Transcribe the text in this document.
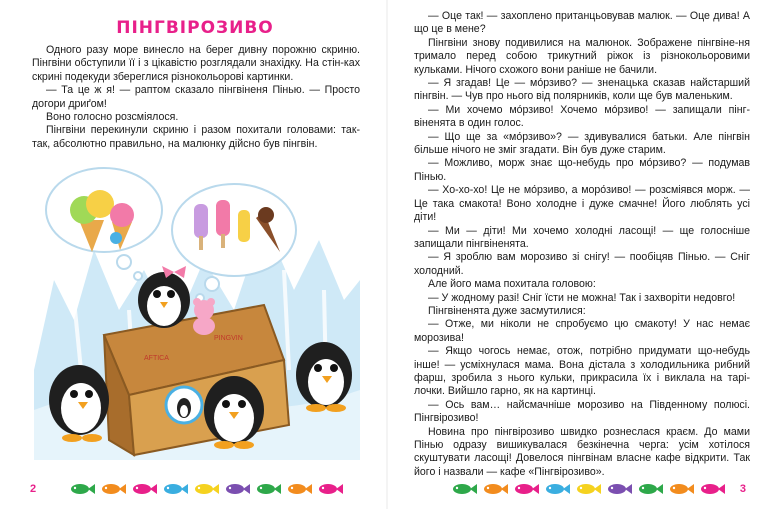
ПІНГВІРОЗИВО

Одного разу море винесло на берег дивну порожню скриню. Пінгвіни обступили її і з цікавістю розглядали знахідку. На стін-ках скрині подекуди збереглися різнокольорові картинки.

— Та це ж я! — раптом сказало пінгвіненя Пінью. — Просто догори дриґом!

Воно голосно розсміялося.

Пінгвіни перекинули скриню і разом похитали головами: так-так, абсолютно правильно, на малюнку дійсно був пінгвін.

PINGVIN
AFTICA
2

— Оце так! — захоплено пританцьовував малюк. — Оце дива! А що це в мене?

Пінгвіни знову подивилися на малюнок. Зображене пінгвіне-ня тримало перед собою трикутний ріжок із різнокольоровими кульками. Нічого схожого вони раніше не бачили.

— Я згадав! Це — мо́рзиво? — зненацька сказав найстарший пінгвін. — Чув про нього від полярників, коли ще був маленьким.

— Ми хочемо мо́рзиво! Хочемо мо́рзиво! — запищали пінг-віненята в один голос.

— Що ще за «мо́рзиво»? — здивувалися батьки. Але пінгвін більше нічого не зміг згадати. Він був дуже старим.

— Можливо, морж знає що-небудь про мо́рзиво? — подумав Пінью.

— Хо-хо-хо! Це не мо́рзиво, а моро́зиво! — розсміявся морж. — Це така смакота! Воно холодне і дуже смачне! Його люблять усі діти!

— Ми — діти! Ми хочемо холодні ласощі! — ще голосніше запищали пінгвіненята.

— Я зроблю вам морозиво зі снігу! — пообіцяв Пінью. — Сніг холодний.

Але його мама похитала головою:

— У жодному разі! Сніг їсти не можна! Так і захворіти недовго!

Пінгвіненята дуже засмутилися:

— Отже, ми ніколи не спробуємо цю смакоту! У нас немає морозива!

— Якщо чогось немає, отож, потрібно придумати що-небудь інше! — усміхнулася мама. Вона дістала з холодильника рибний фарш, зробила з нього кульки, прикрасила їх і виклала на тарі-лочки. Вийшло гарно, як на картинці.

— Ось вам… найсмачніше морозиво на Південному полюсі. Пінгвірозиво!

Новина про пінгвірозиво швидко рознеслася краєм. До мами Пінью одразу вишикувалася безкінечна черга: усім хотілося скуштувати ласощі! Довелося пінгвінам власне кафе відкрити. Так його і назвали — кафе «Пінгвірозиво».

3
